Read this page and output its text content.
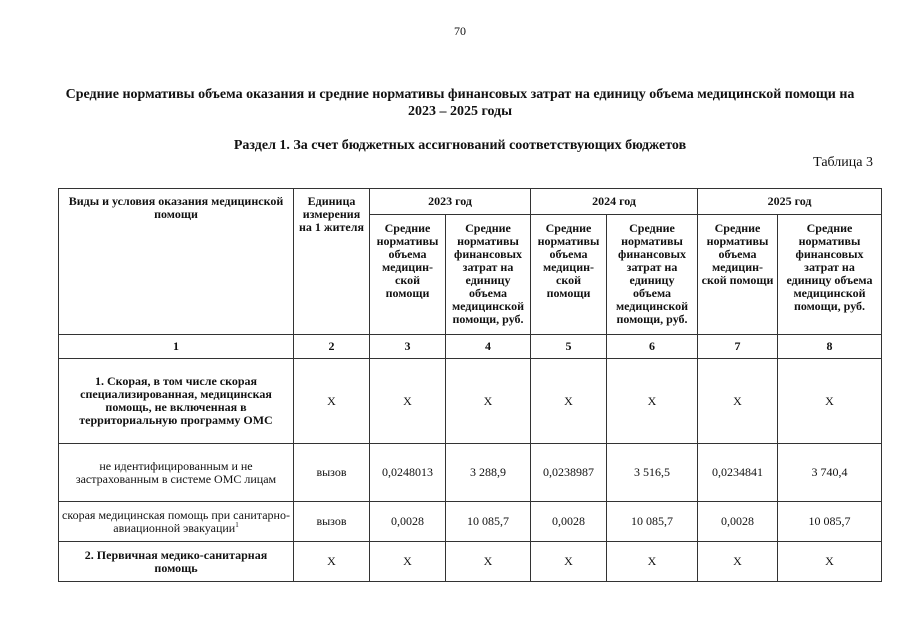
70
Средние нормативы объема оказания и средние нормативы финансовых затрат на единицу объема медицинской помощи на 2023 – 2025 годы
Раздел 1. За счет бюджетных ассигнований соответствующих бюджетов
Таблица 3
Виды и условия оказания медицинской помощи	Единица измерения на 1 жителя	2023 год		2024 год		2025 год	
		Средние нормативы объема медицин-ской помощи	Средние нормативы финансовых затрат на единицу объема медицинской помощи, руб.	Средние нормативы объема медицин-ской помощи	Средние нормативы финансовых затрат на единицу объема медицинской помощи, руб.	Средние нормативы объема медицин-ской помощи	Средние нормативы финансовых затрат на единицу объема медицинской помощи, руб.
1	2	3	4	5	6	7	8
1. Скорая, в том числе скорая специализированная, медицинская помощь, не включенная в территориальную программу ОМС	Х	Х	Х	Х	Х	Х	Х
не идентифицированным и не застрахованным в системе ОМС лицам	вызов	0,0248013	3 288,9	0,0238987	3 516,5	0,0234841	3 740,4
скорая медицинская помощь при санитарно-авиационной эвакуации$^1$	вызов	0,0028	10 085,7	0,0028	10 085,7	0,0028	10 085,7
2. Первичная медико-санитарная помощь	Х	Х	Х	Х	Х	Х	Х
